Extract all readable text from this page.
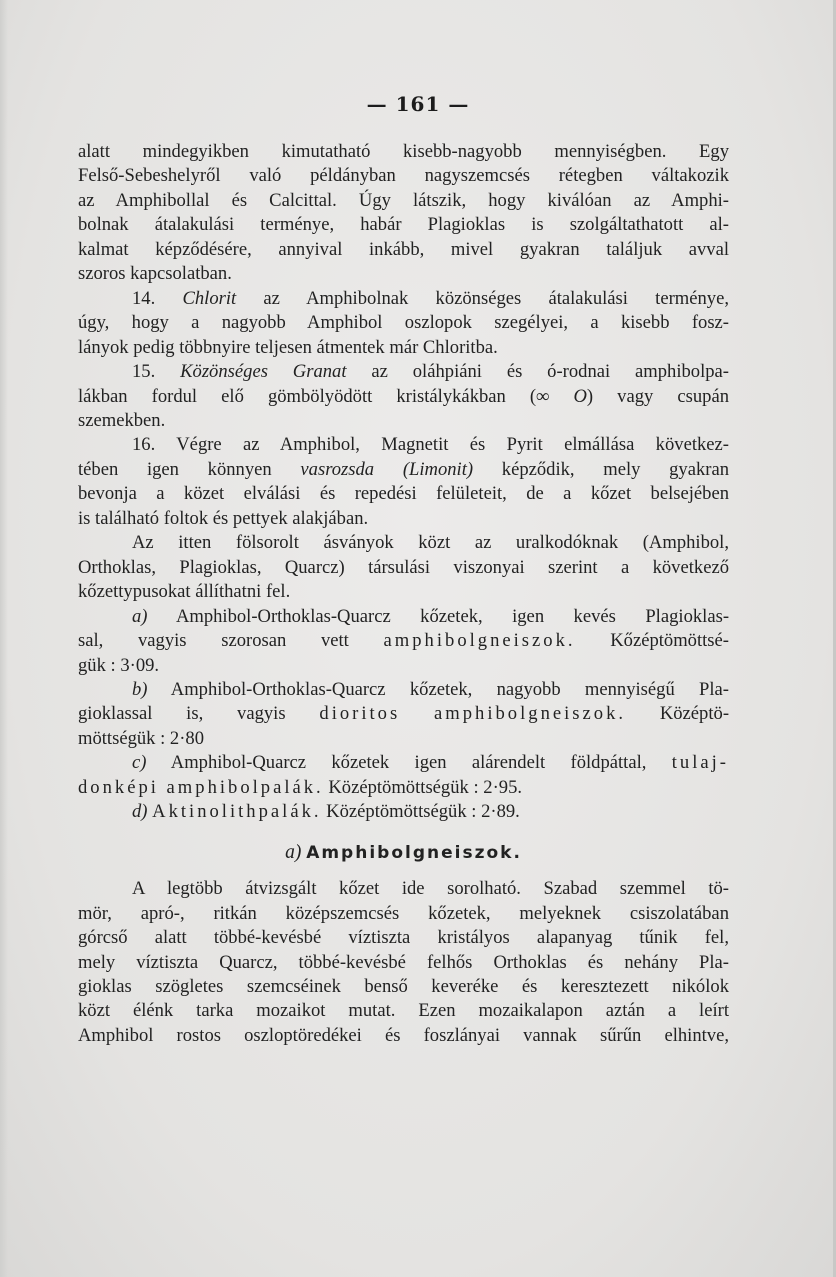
— 161 —

alatt mindegyikben kimutatható kisebb-nagyobb mennyiségben. Egy
Felső-Sebeshelyről való példányban nagyszemcsés rétegben váltakozik
az Amphibollal és Calcittal. Úgy látszik, hogy kiválóan az Amphi-
bolnak átalakulási terménye, habár Plagioklas is szolgáltathatott al-
kalmat képződésére, annyival inkább, mivel gyakran találjuk avval
szoros kapcsolatban.

14. Chlorit az Amphibolnak közönséges átalakulási terménye,
úgy, hogy a nagyobb Amphibol oszlopok szegélyei, a kisebb fosz-
lányok pedig többnyire teljesen átmentek már Chloritba.

15. Közönséges Granat az oláhpiáni és ó-rodnai amphibolpa-
lákban fordul elő gömbölyödött kristálykákban (∞ O) vagy csupán
szemekben.

16. Végre az Amphibol, Magnetit és Pyrit elmállása következ-
tében igen könnyen vasrozsda (Limonit) képződik, mely gyakran
bevonja a közet elválási és repedési felületeit, de a kőzet belsejében
is található foltok és pettyek alakjában.

Az itten fölsorolt ásványok közt az uralkodóknak (Amphibol,
Orthoklas, Plagioklas, Quarcz) társulási viszonyai szerint a következő
kőzettypusokat állíthatni fel.

a) Amphibol-Orthoklas-Quarcz kőzetek, igen kevés Plagioklas-
sal, vagyis szorosan vett amphibolgneiszok. Kőzéptömöttsé-
gük : 3·09.

b) Amphibol-Orthoklas-Quarcz kőzetek, nagyobb mennyiségű Pla-
gioklassal is, vagyis dioritos amphibolgneiszok. Középtö-
möttségük : 2·80

c) Amphibol-Quarcz kőzetek igen alárendelt földpáttal, tulaj-
donképi amphibolpalák. Középtömöttségük : 2·95.

d) Aktinolithpalák. Középtömöttségük : 2·89.

a) Amphibolgneiszok.

A legtöbb átvizsgált kőzet ide sorolható. Szabad szemmel tö-
mör, apró-, ritkán középszemcsés kőzetek, melyeknek csiszolatában
górcső alatt többé-kevésbé víztiszta kristályos alapanyag tűnik fel,
mely víztiszta Quarcz, többé-kevésbé felhős Orthoklas és nehány Pla-
gioklas szögletes szemcséinek benső keveréke és keresztezett nikólok
közt élénk tarka mozaikot mutat. Ezen mozaikalapon aztán a leírt
Amphibol rostos oszloptöredékei és foszlányai vannak sűrűn elhintve,
